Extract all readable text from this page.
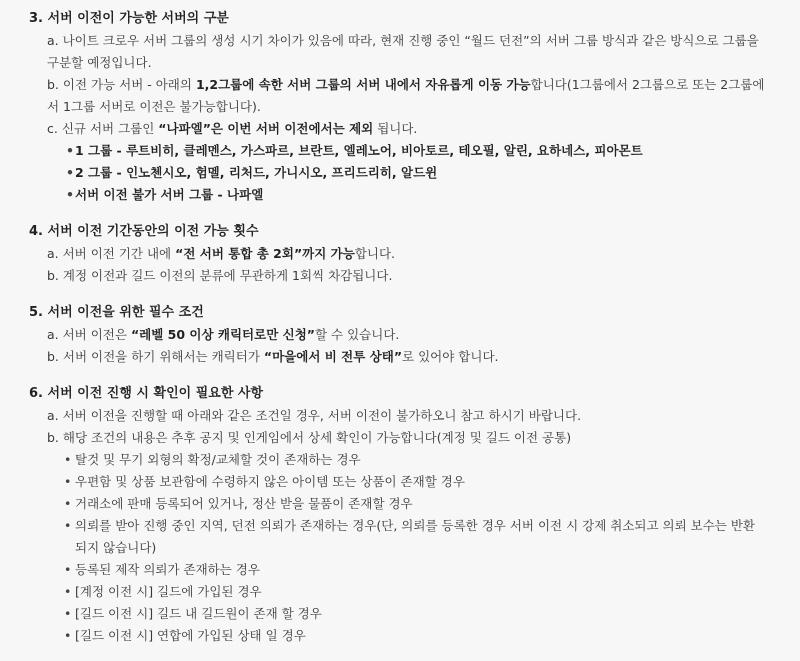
3. 서버 이전이 가능한 서버의 구분
a. 나이트 크로우 서버 그룹의 생성 시기 차이가 있음에 따라, 현재 진행 중인 “월드 던전”의 서버 그룹 방식과 같은 방식으로 그룹을
구분할 예정입니다.
b. 이전 가능 서버 - 아래의 1,2그룹에 속한 서버 그룹의 서버 내에서 자유롭게 이동 가능합니다(1그룹에서 2그룹으로 또는 2그룹에
서 1그룹 서버로 이전은 불가능합니다).
c. 신규 서버 그룹인 “나파엘”은 이번 서버 이전에서는 제외 됩니다.
• 1 그룹 - 루트비히, 클레멘스, 가스파르, 브란트, 엘레노어, 비아토르, 테오필, 알린, 요하네스, 피아몬트
• 2 그룹 - 인노첸시오, 험멜, 리처드, 가니시오, 프리드리히, 알드윈
• 서버 이전 불가 서버 그룹 - 나파엘
4. 서버 이전 기간동안의 이전 가능 횟수
a. 서버 이전 기간 내에 “전 서버 통합 총 2회”까지 가능합니다.
b. 계정 이전과 길드 이전의 분류에 무관하게 1회씩 차감됩니다.
5. 서버 이전을 위한 필수 조건
a. 서버 이전은 “레벨 50 이상 캐릭터로만 신청”할 수 있습니다.
b. 서버 이전을 하기 위해서는 캐릭터가 “마을에서 비 전투 상태”로 있어야 합니다.
6. 서버 이전 진행 시 확인이 필요한 사항
a. 서버 이전을 진행할 때 아래와 같은 조건일 경우, 서버 이전이 불가하오니 참고 하시기 바랍니다.
b. 해당 조건의 내용은 추후 공지 및 인게임에서 상세 확인이 가능합니다(계정 및 길드 이전 공통)
• 탈것 및 무기 외형의 확정/교체할 것이 존재하는 경우
• 우편함 및 상품 보관함에 수령하지 않은 아이템 또는 상품이 존재할 경우
• 거래소에 판매 등록되어 있거나, 정산 받을 물품이 존재할 경우
• 의뢰를 받아 진행 중인 지역, 던전 의뢰가 존재하는 경우(단, 의뢰를 등록한 경우 서버 이전 시 강제 취소되고 의뢰 보수는 반환
되지 않습니다)
• 등록된 제작 의뢰가 존재하는 경우
• [계정 이전 시] 길드에 가입된 경우
• [길드 이전 시] 길드 내 길드원이 존재 할 경우
• [길드 이전 시] 연합에 가입된 상태 일 경우
